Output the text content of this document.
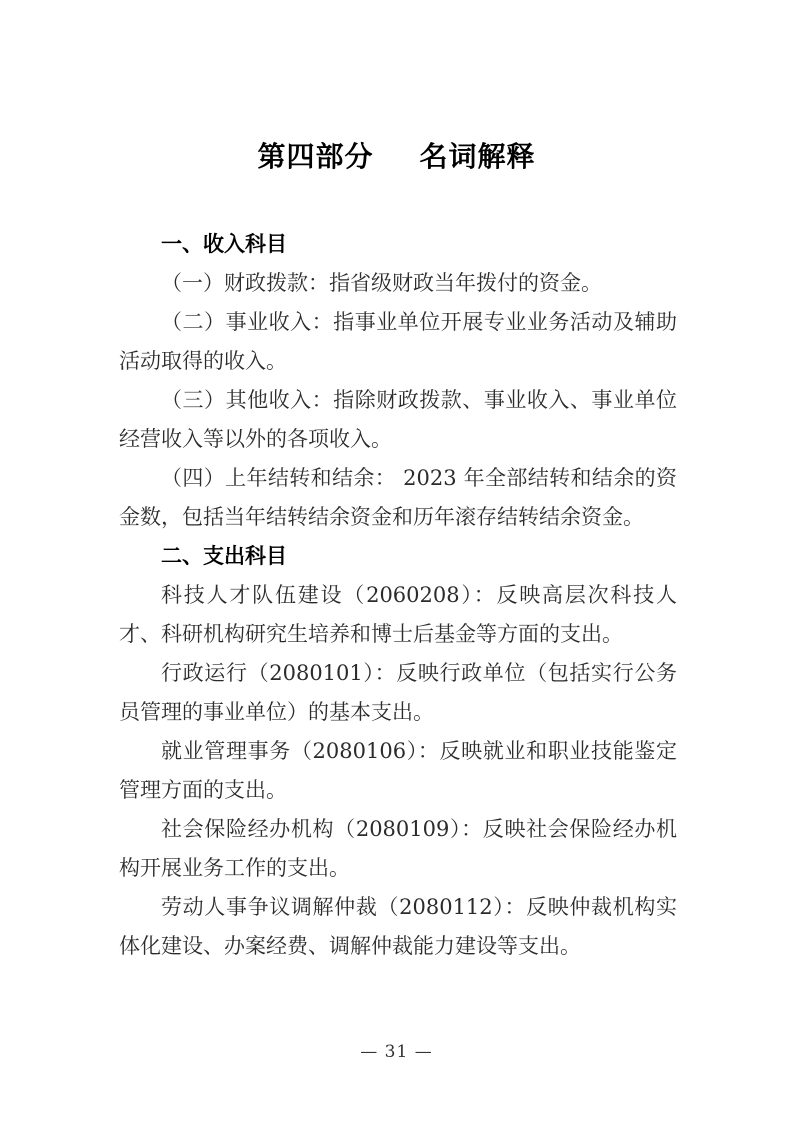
第四部分 名词解释
一、收入科目

（一）财政拨款：指省级财政当年拨付的资金。

（二）事业收入：指事业单位开展专业业务活动及辅助活动取得的收入。

（三）其他收入：指除财政拨款、事业收入、事业单位经营收入等以外的各项收入。

（四）上年结转和结余： 2023 年全部结转和结余的资金数，包括当年结转结余资金和历年滚存结转结余资金。

二、支出科目

科技人才队伍建设（2060208）：反映高层次科技人才、科研机构研究生培养和博士后基金等方面的支出。

行政运行（2080101）：反映行政单位（包括实行公务员管理的事业单位）的基本支出。

就业管理事务（2080106）：反映就业和职业技能鉴定管理方面的支出。

社会保险经办机构（2080109）：反映社会保险经办机构开展业务工作的支出。

劳动人事争议调解仲裁（2080112）：反映仲裁机构实体化建设、办案经费、调解仲裁能力建设等支出。

— 31 —
